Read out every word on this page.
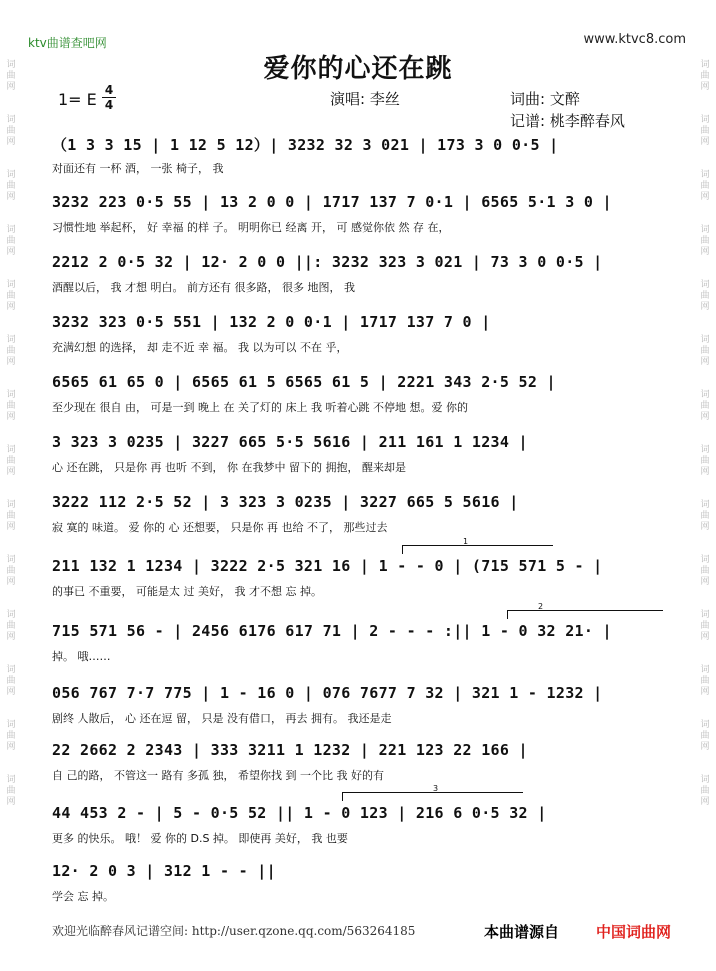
词
曲
网
词
曲
网
词
曲
网
词
曲
网
词
曲
网
词
曲
网
词
曲
网
词
曲
网
词
曲
网
词
曲
网
词
曲
网
词
曲
网
词
曲
网
词
曲
网
词
曲
网
词
曲
网
词
曲
网
词
曲
网
词
曲
网
词
曲
网
词
曲
网
词
曲
网
词
曲
网
词
曲
网
词
曲
网
词
曲
网
词
曲
网
词
曲
网
ktv曲谱查吧网	www.ktvc8.com
爱你的心还在跳
1= E 4
4	演唱: 李丝	词曲: 文醉
记谱: 桃李醉春风
（1 3 3 15 | 1 12 5 12）| 3232 32 3 021 | 173 3 0 0·5 |
对面还有 一杯 酒， 一张 椅子， 我
3232 223 0·5 55 | 13 2 0 0 | 1717 137 7 0·1 | 6565 5·1 3 0 |
习惯性地 举起杯， 好 幸福 的样 子。 明明你已 经离 开， 可 感觉你依 然 存 在，
2212 2 0·5 32 | 12· 2 0 0 ||: 3232 323 3 021 | 73 3 0 0·5 |
酒醒以后， 我 才想 明白。 前方还有 很多路， 很多 地图， 我
3232 323 0·5 551 | 132 2 0 0·1 | 1717 137 7 0 |
充满幻想 的选择， 却 走不近 幸 福。 我 以为可以 不在 乎，
6565 61 65 0 | 6565 61 5 6565 61 5 | 2221 343 2·5 52 |
至少现在 很自 由， 可是一到 晚上 在 关了灯的 床上 我 听着心跳 不停地 想。爱 你的
3 323 3 0235 | 3227 665 5·5 5616 | 211 161 1 1234 |
心 还在跳， 只是你 再 也听 不到， 你 在我梦中 留下的 拥抱， 醒来却是
3222 112 2·5 52 | 3 323 3 0235 | 3227 665 5 5616 |
寂 寞的 味道。 爱 你的 心 还想要， 只是你 再 也给 不了， 那些过去
1
211 132 1 1234 | 3222 2·5 321 16 | 1 - - 0 | (715 571 5 - |
的事已 不重要， 可能是太 过 美好， 我 才不想 忘 掉。
2
715 571 56 - | 2456 6176 617 71 | 2 - - - :|| 1 - 0 32 21· |
掉。 哦……
056 767 7·7 775 | 1 - 16 0 | 076 7677 7 32 | 321 1 - 1232 |
剧终 人散后， 心 还在逗 留， 只是 没有借口， 再去 拥有。 我还是走
22 2662 2 2343 | 333 3211 1 1232 | 221 123 22 166 |
自 己的路， 不管这一 路有 多孤 独， 希望你找 到 一个比 我 好的有
3
44 453 2 - | 5 - 0·5 52 || 1 - 0 123 | 216 6 0·5 32 |
更多 的快乐。 哦！ 爱 你的 D.S 掉。 即使再 美好， 我 也要
12· 2 0 3 | 312 1 - - ||
学会 忘 掉。
欢迎光临醉春风记谱空间: http://user.qzone.qq.com/563264185	本曲谱源自 中国词曲网
